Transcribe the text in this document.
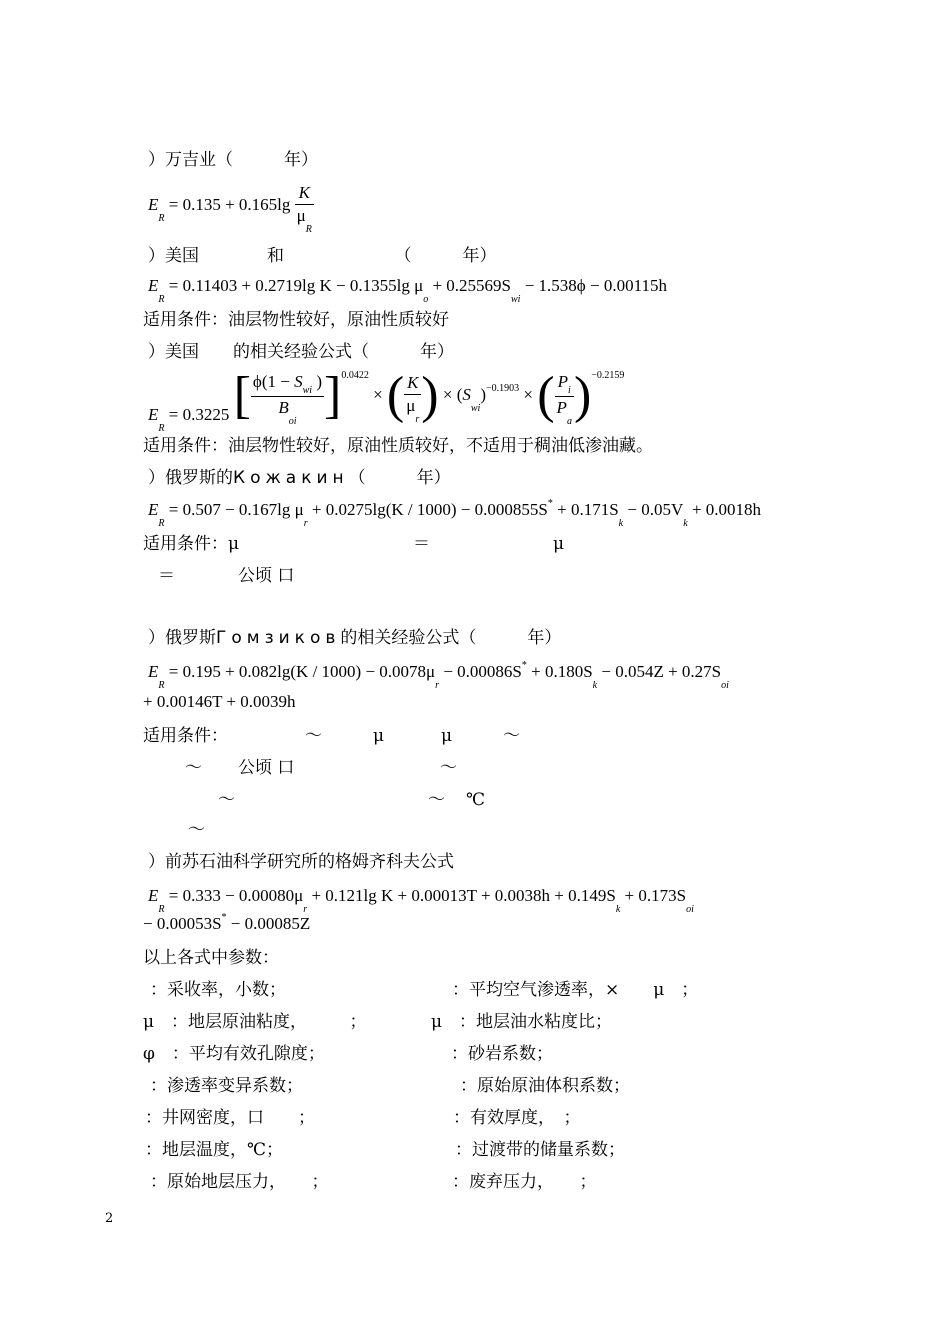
）万吉业（　　　年）
$E_R = 0.135 + 0.165\lg \frac{K}{\mu_R}$
）美国　　　　和　　　　　　　（　　　年）
$E_R = 0.11403 + 0.2719\lg$ K − 0.1355lg $\mu_o + 0.25569S_{wi} - 1.538\phi - 0.00115h$
适用条件：油层物性较好，原油性质较好
）美国　　的相关经验公式（　　　年）
$E_R = 0.3225$ [ $\frac{\phi(1 - S_{wi} )}{B_{oi}} ]^{0.0422}$ × ( $\frac{K}{\mu_r}$ ) × $(S_{wi})^{-0.1903}$ × ( $\frac{P_i}{P_a} )^{-0.2159}$
适用条件：油层物性较好，原油性质较好，不适用于稠油低渗油藏。
）俄罗斯的Кожакин（　　　年）
$E_R = 0.507 - 0.167\lg$ $\mu_r + 0.0275\lg(K / 1000) - 0.000855S^* + 0.171S_k - 0.05V_k + 0.0018h$
适用条件：μ	＝	μ
＝	公顷 口
）俄罗斯Гомзиков的相关经验公式（　　　年）
$E_R = 0.195 + 0.082\lg(K / 1000) - 0.0078\mu_r - 0.00086S^* + 0.180S_k - 0.054Z + 0.27S_{oi}$
+ 0.00146T + 0.0039h
适用条件：	～	μ	μ	～
～ 公顷 口	～
～	～ ℃
～
）前苏石油科学研究所的格姆齐科夫公式
$E_R = 0.333 - 0.00080\mu_r + 0.121\lg$ $K + 0.00013T + 0.0038h + 0.149S_k + 0.173S_{oi}$
− 0.00053S* − 0.00085Z
以上各式中参数：
：采收率，小数；	：平均空气渗透率，×　　μ　；
μ　：地层原油粘度，　　　；	μ　：地层油水粘度比；
φ　：平均有效孔隙度；	：砂岩系数；
：渗透率变异系数；	：原始原油体积系数；
：井网密度，口　　；	：有效厚度，　；
：地层温度，℃；	：过渡带的储量系数；
：原始地层压力，　　；	：废弃压力，　　；
2
